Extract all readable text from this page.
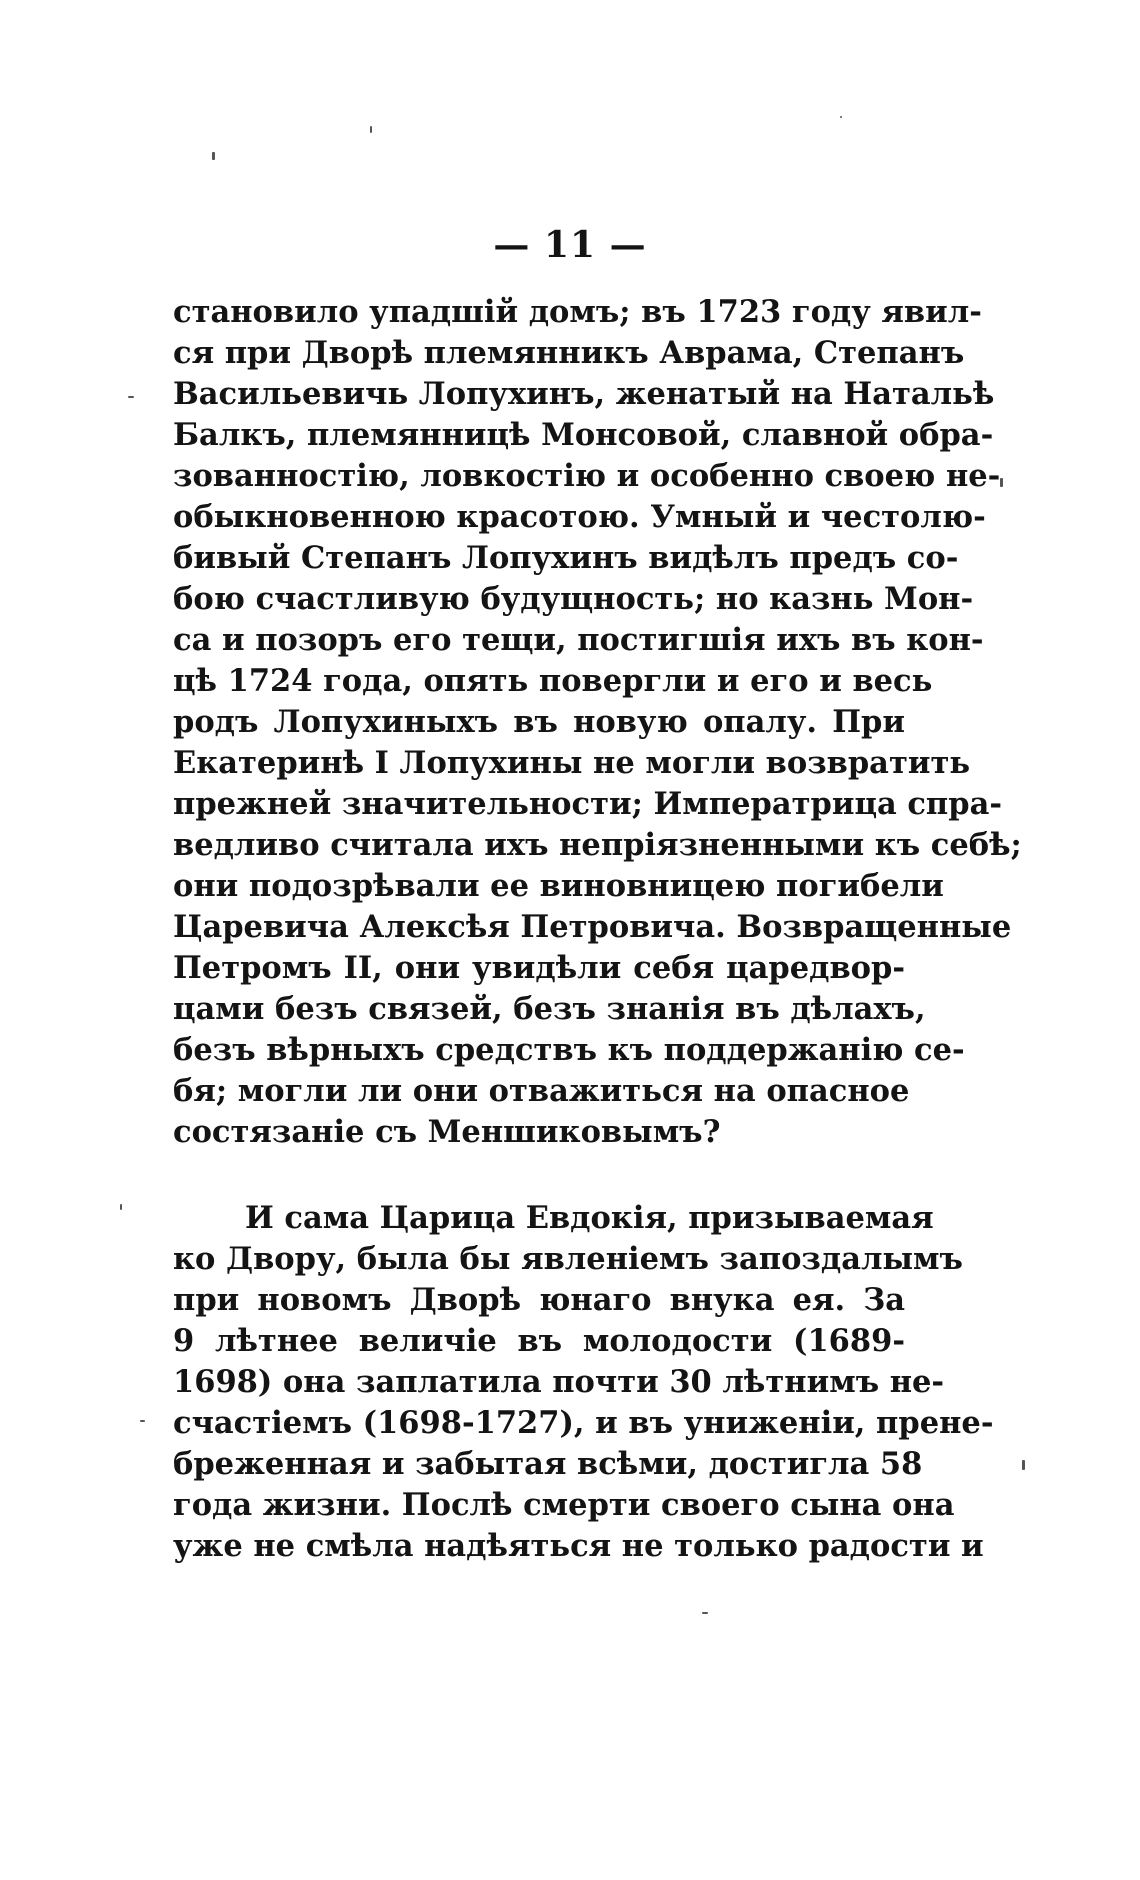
— 11 —
становило упадшій домъ; въ 1723 году явил-
ся при Дворѣ племянникъ Аврама, Степанъ
Васильевичь Лопухинъ, женатый на Натальѣ
Балкъ, племянницѣ Монсовой, славной обра-
зованностію, ловкостію и особенно своею не-
обыкновенною красотою. Умный и честолю-
бивый Степанъ Лопухинъ видѣлъ предъ со-
бою счастливую будущность; но казнь Мон-
са и позоръ его тещи, постигшія ихъ въ кон-
цѣ 1724 года, опять повергли и его и весь
родъ Лопухиныхъ въ новую опалу. При
Екатеринѣ I Лопухины не могли возвратить
прежней значительности; Императрица спра-
ведливо считала ихъ непріязненными къ себѣ;
они подозрѣвали ее виновницею погибели
Царевича Алексѣя Петровича. Возвращенные
Петромъ II, они увидѣли себя царедвор-
цами безъ связей, безъ знанія въ дѣлахъ,
безъ вѣрныхъ средствъ къ поддержанію се-
бя; могли ли они отважиться на опасное
состязаніе съ Меншиковымъ?
И сама Царица Евдокія, призываемая
ко Двору, была бы явленіемъ запоздалымъ
при новомъ Дворѣ юнаго внука ея. За
9 лѣтнее величіе въ молодости (1689-
1698) она заплатила почти 30 лѣтнимъ не-
счастіемъ (1698-1727), и въ униженіи, прене-
бреженная и забытая всѣми, достигла 58
года жизни. Послѣ смерти своего сына она
уже не смѣла надѣяться не только радости и
